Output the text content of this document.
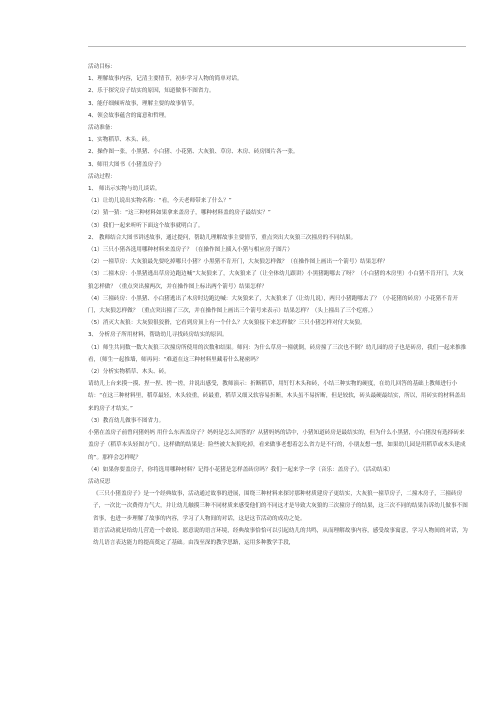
活动目标：
1、理解故事内容，记清主要情节，初步学习人物的简单对话。
2、乐于探究房子结实的原因，知道做事不图省力。
3、能仔细倾听故事，理解主要的故事情节。
4、领会故事蕴含的寓意和哲理。
活动准备：
1、实物稻草、木头、砖。
2、操作图一张，小黑猪、小白猪、小花猪、大灰狼、草房、木房、砖房图片各一张。
3、师用大图书《小猪盖房子》
活动过程：
1、 师出示实物与幼儿谈话。
（1）让幼儿说出实物名称：“看，今天老师带来了什么？”
（2）猜一猜：“这三种材料如果拿来盖房子，哪种材料盖的房子最结实？”
（3）我们一起来听听下面这个故事就明白了。
2、 教师结合大图书讲述故事，通过提问，帮助儿理解故事主要情节，重点突出大灰狼三次撞房的不同结果。
（1）三只小猪各选用哪种材料来盖房子？（在操作图上插入小猪与相应房子图片）
（2）一撞草房：大灰狼最先要吃掉哪只小猪？小黑猪不肯开门，大灰狼怎样做？（在操作图上画出一个箭号）结果怎样？
（3）二撞木房：小黑猪逃出草房边跑边喊“大灰狼来了，大灰狼来了（让全体幼儿跟讲）小黑猪跑哪去了呀？（小白猪的木房里）小白猪不肯开门，大灰狼怎样做？（重点突出撞两次，并在操作图上标出两个箭号）结果怎样？
（4）三撞砖房：小黑猪、小白猪逃出了木房时边跑边喊：大灰狼来了，大灰狼来了（让幼儿说），两只小猪跑哪去了？（小花猪的砖房）小花猪不肯开门，大灰狼怎样做？（重点突出撞了三次，并在操作图上画出三个箭号来表示）结果怎样？（头上撞出了三个疙瘩。）
（5）消灭大灰狼：大灰狼很狡猾，它看到房顶上有一个什么？大灰狼接下来怎样做？三只小猪怎样对付大灰狼。
3、 分析房子所用材料，帮助幼儿寻找砖房结实的原因。
（1）师生共同数一数大灰狼三次撞房所使用的次数和结果。师问：为什么草房一撞就倒，砖房撞了三次也不倒？幼儿园的房子也是砖房，我们一起来推推看，（师生一起推墙，师再问：“难道在这三种材料里藏着什么秘密吗？
（2）分析实物稻草、木头、砖。
请幼儿上台来摸一摸、捏一捏、搓一搓，并说出感受，教师演示：折断稻草，用钉钉木头和砖，小结三种实物的硬度，在幼儿回答的基础上教师进行小结：“在这三种材料里，稻草最轻，木头较重，砖最重，稻草又细又软容易折断，木头虽不易折断，但是较软，砖头最硬最结实，所以，用砖实的材料盖出来的房子才结实。”
（3）教育幼儿做事不图省力。
小猪在盖房子前曾问猪妈妈 用什么东西盖房子？妈妈是怎么回答的？从猪妈妈的话中，小猪知道砖房是最结实的，但为什么小黑猪，小白猪没有选择砖来盖房子（稻草本头轻图方气）。这样做的结果是：险些被大灰狼吃掉，看来做事老想着怎么省力是不行的，小朋友想一想，如果幼儿园是用稻草或木头建成的”。那样会怎样呢？
（4）如果你要盖房子，你将选用哪种材料？记得小花猪是怎样盖砖房吗？我们一起来学一学（音乐：盖房子）。（活动结束）
活动反思
《三只小猪盖房子》是一个经典故事，活动通过故事的进展，围绕三种材料来探讨那种材质建房子更结实，大灰狼一撞草房子，二撞木房子，三撞砖房子，一次比一次费得力气大，并让幼儿触摸三种不同材质来感受他们的不同这才是导致大灰狼的三次撞房子的结果，这三次不同的结果告诉幼儿做事不图省事，也进一步理解了故事的内容，学习了人物间的对话，这是这节活动的成功之处。
语言活动就是给幼儿营造一个敢说、愿意说的语言环境，经典故事恰恰可以引起幼儿的共鸣，从而理解故事内容，感受故事寓意，学习人物间的对话，为幼儿语言表达能力的提高奠定了基础。由浅至深的教学思路，运用多种教学手段，
